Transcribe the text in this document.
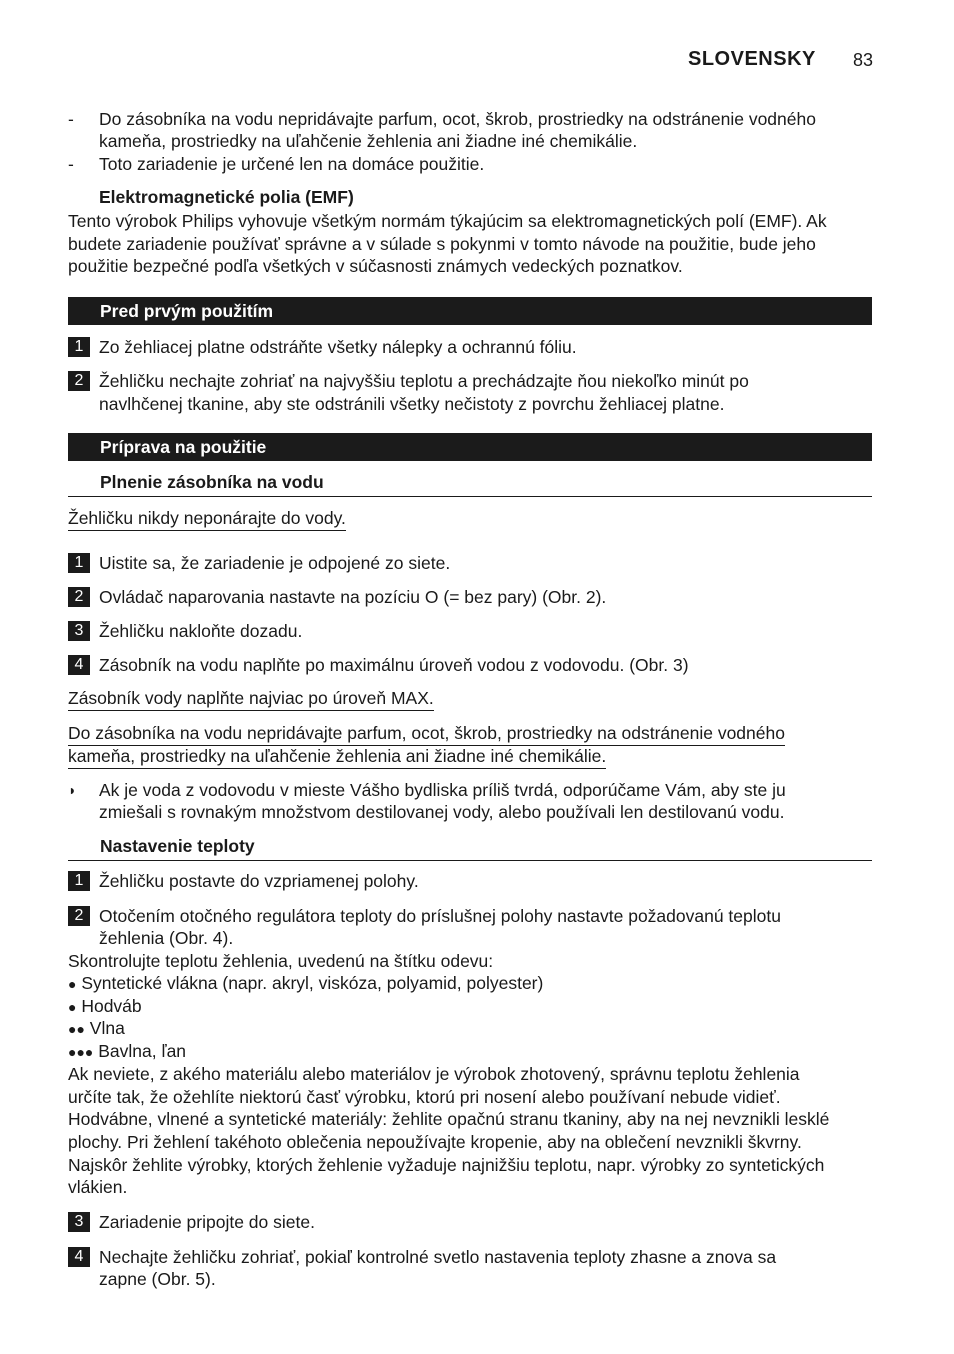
SLOVENSKY 83
- Do zásobníka na vodu nepridávajte parfum, ocot, škrob, prostriedky na odstránenie vodného
kameňa, prostriedky na uľahčenie žehlenia ani žiadne iné chemikálie.
- Toto zariadenie je určené len na domáce použitie.
Elektromagnetické polia (EMF)
Tento výrobok Philips vyhovuje všetkým normám týkajúcim sa elektromagnetických polí (EMF). Ak
budete zariadenie používať správne a v súlade s pokynmi v tomto návode na použitie, bude jeho
použitie bezpečné podľa všetkých v súčasnosti známych vedeckých poznatkov.
Pred prvým použitím
1 Zo žehliacej platne odstráňte všetky nálepky a ochrannú fóliu.
2 Žehličku nechajte zohriať na najvyššiu teplotu a prechádzajte ňou niekoľko minút po
navlhčenej tkanine, aby ste odstránili všetky nečistoty z povrchu žehliacej platne.
Príprava na použitie
Plnenie zásobníka na vodu
Žehličku nikdy neponárajte do vody.
1 Uistite sa, že zariadenie je odpojené zo siete.
2 Ovládač naparovania nastavte na pozíciu O (= bez pary) (Obr. 2).
3 Žehličku nakloňte dozadu.
4 Zásobník na vodu naplňte po maximálnu úroveň vodou z vodovodu. (Obr. 3)
Zásobník vody naplňte najviac po úroveň MAX.
Do zásobníka na vodu nepridávajte parfum, ocot, škrob, prostriedky na odstránenie vodného
kameňa, prostriedky na uľahčenie žehlenia ani žiadne iné chemikálie.
◗ Ak je voda z vodovodu v mieste Vášho bydliska príliš tvrdá, odporúčame Vám, aby ste ju
zmiešali s rovnakým množstvom destilovanej vody, alebo používali len destilovanú vodu.
Nastavenie teploty
1 Žehličku postavte do vzpriamenej polohy.
2 Otočením otočného regulátora teploty do príslušnej polohy nastavte požadovanú teplotu
žehlenia (Obr. 4).
Skontrolujte teplotu žehlenia, uvedenú na štítku odevu:
● Syntetické vlákna (napr. akryl, viskóza, polyamid, polyester)
● Hodváb
●● Vlna
●●● Bavlna, ľan
Ak neviete, z akého materiálu alebo materiálov je výrobok zhotovený, správnu teplotu žehlenia
určíte tak, že ožehlíte niektorú časť výrobku, ktorú pri nosení alebo používaní nebude vidieť.
Hodvábne, vlnené a syntetické materiály: žehlite opačnú stranu tkaniny, aby na nej nevznikli lesklé
plochy. Pri žehlení takéhoto oblečenia nepoužívajte kropenie, aby na oblečení nevznikli škvrny.
Najskôr žehlite výrobky, ktorých žehlenie vyžaduje najnižšiu teplotu, napr. výrobky zo syntetických
vlákien.
3 Zariadenie pripojte do siete.
4 Nechajte žehličku zohriať, pokiaľ kontrolné svetlo nastavenia teploty zhasne a znova sa
zapne (Obr. 5).
